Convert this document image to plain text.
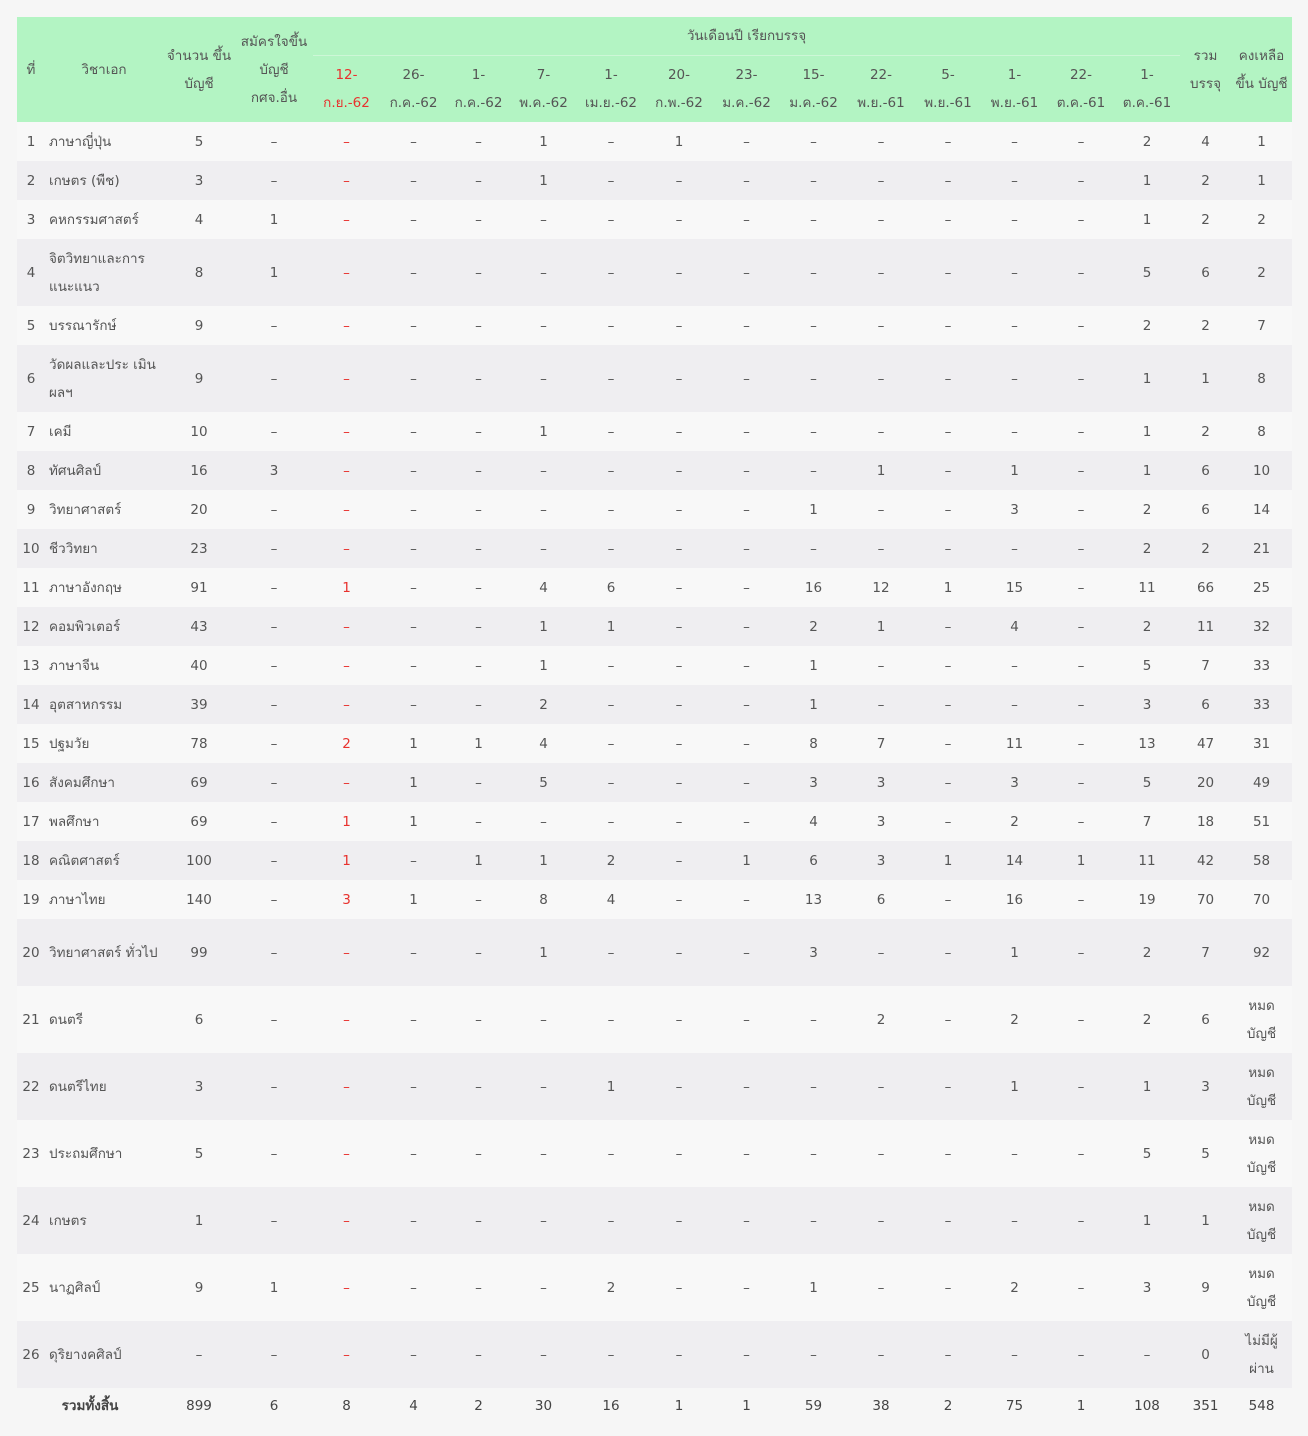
ที่	วิชาเอก	จำนวน ขึ้นบัญชี	สมัครใจขึ้น บัญชี กศจ.อื่น	วันเดือนปี เรียกบรรจุ													รวม บรรจุ	คงเหลือ ขึ้น บัญชี
				12- ก.ย.-62	26- ก.ค.-62	1- ก.ค.-62	7- พ.ค.-62	1- เม.ย.-62	20- ก.พ.-62	23- ม.ค.-62	15- ม.ค.-62	22- พ.ย.-61	5- พ.ย.-61	1- พ.ย.-61	22- ต.ค.-61	1- ต.ค.-61		
1	ภาษาญี่ปุ่น	5	–	–	–	–	1	–	1	–	–	–	–	–	–	2	4	1
2	เกษตร (พืช)	3	–	–	–	–	1	–	–	–	–	–	–	–	–	1	2	1
3	คหกรรมศาสตร์	4	1	–	–	–	–	–	–	–	–	–	–	–	–	1	2	2
4	จิตวิทยาและการ แนะแนว	8	1	–	–	–	–	–	–	–	–	–	–	–	–	5	6	2
5	บรรณารักษ์	9	–	–	–	–	–	–	–	–	–	–	–	–	–	2	2	7
6	วัดผลและประ เมินผลฯ	9	–	–	–	–	–	–	–	–	–	–	–	–	–	1	1	8
7	เคมี	10	–	–	–	–	1	–	–	–	–	–	–	–	–	1	2	8
8	ทัศนศิลป์	16	3	–	–	–	–	–	–	–	–	1	–	1	–	1	6	10
9	วิทยาศาสตร์	20	–	–	–	–	–	–	–	–	1	–	–	3	–	2	6	14
10	ชีววิทยา	23	–	–	–	–	–	–	–	–	–	–	–	–	–	2	2	21
11	ภาษาอังกฤษ	91	–	1	–	–	4	6	–	–	16	12	1	15	–	11	66	25
12	คอมพิวเตอร์	43	–	–	–	–	1	1	–	–	2	1	–	4	–	2	11	32
13	ภาษาจีน	40	–	–	–	–	1	–	–	–	1	–	–	–	–	5	7	33
14	อุตสาหกรรม	39	–	–	–	–	2	–	–	–	1	–	–	–	–	3	6	33
15	ปฐมวัย	78	–	2	1	1	4	–	–	–	8	7	–	11	–	13	47	31
16	สังคมศึกษา	69	–	–	1	–	5	–	–	–	3	3	–	3	–	5	20	49
17	พลศึกษา	69	–	1	1	–	–	–	–	–	4	3	–	2	–	7	18	51
18	คณิตศาสตร์	100	–	1	–	1	1	2	–	1	6	3	1	14	1	11	42	58
19	ภาษาไทย	140	–	3	1	–	8	4	–	–	13	6	–	16	–	19	70	70
20	วิทยาศาสตร์ ทั่วไป	99	–	–	–	–	1	–	–	–	3	–	–	1	–	2	7	92
21	ดนตรี	6	–	–	–	–	–	–	–	–	–	2	–	2	–	2	6	หมด บัญชี
22	ดนตรีไทย	3	–	–	–	–	–	1	–	–	–	–	–	1	–	1	3	หมด บัญชี
23	ประถมศึกษา	5	–	–	–	–	–	–	–	–	–	–	–	–	–	5	5	หมด บัญชี
24	เกษตร	1	–	–	–	–	–	–	–	–	–	–	–	–	–	1	1	หมด บัญชี
25	นาฏศิลป์	9	1	–	–	–	–	2	–	–	1	–	–	2	–	3	9	หมด บัญชี
26	ดุริยางคศิลป์	–	–	–	–	–	–	–	–	–	–	–	–	–	–	–	0	ไม่มีผู้ ผ่าน
รวมทั้งสิ้น		899	6	8	4	2	30	16	1	1	59	38	2	75	1	108	351	548
